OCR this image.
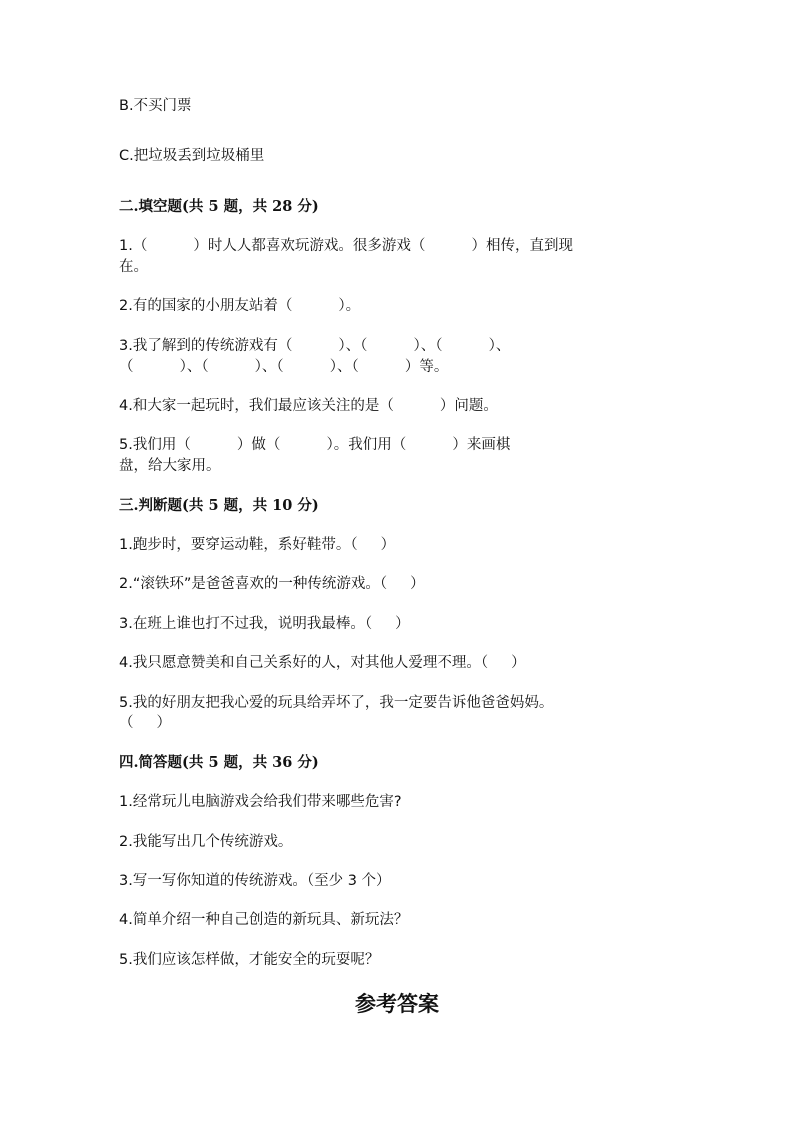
B.不买门票
C.把垃圾丢到垃圾桶里
二.填空题(共 5 题，共 28 分)
1.（          ）时人人都喜欢玩游戏。很多游戏（          ）相传，直到现
在。
2.有的国家的小朋友站着（          ）。
3.我了解到的传统游戏有（          ）、（          ）、（          ）、
（          ）、（          ）、（          ）、（          ）等。
4.和大家一起玩时，我们最应该关注的是（          ）问题。
5.我们用（          ）做（          ）。我们用（          ）来画棋
盘，给大家用。
三.判断题(共 5 题，共 10 分)
1.跑步时，要穿运动鞋，系好鞋带。（     ）
2.“滚铁环”是爸爸喜欢的一种传统游戏。（     ）
3.在班上谁也打不过我，说明我最棒。（     ）
4.我只愿意赞美和自己关系好的人，对其他人爱理不理。（     ）
5.我的好朋友把我心爱的玩具给弄坏了，我一定要告诉他爸爸妈妈。
（     ）
四.简答题(共 5 题，共 36 分)
1.经常玩儿电脑游戏会给我们带来哪些危害?
2.我能写出几个传统游戏。
3.写一写你知道的传统游戏。（至少 3 个）
4.简单介绍一种自己创造的新玩具、新玩法？
5.我们应该怎样做，才能安全的玩耍呢？
参考答案
